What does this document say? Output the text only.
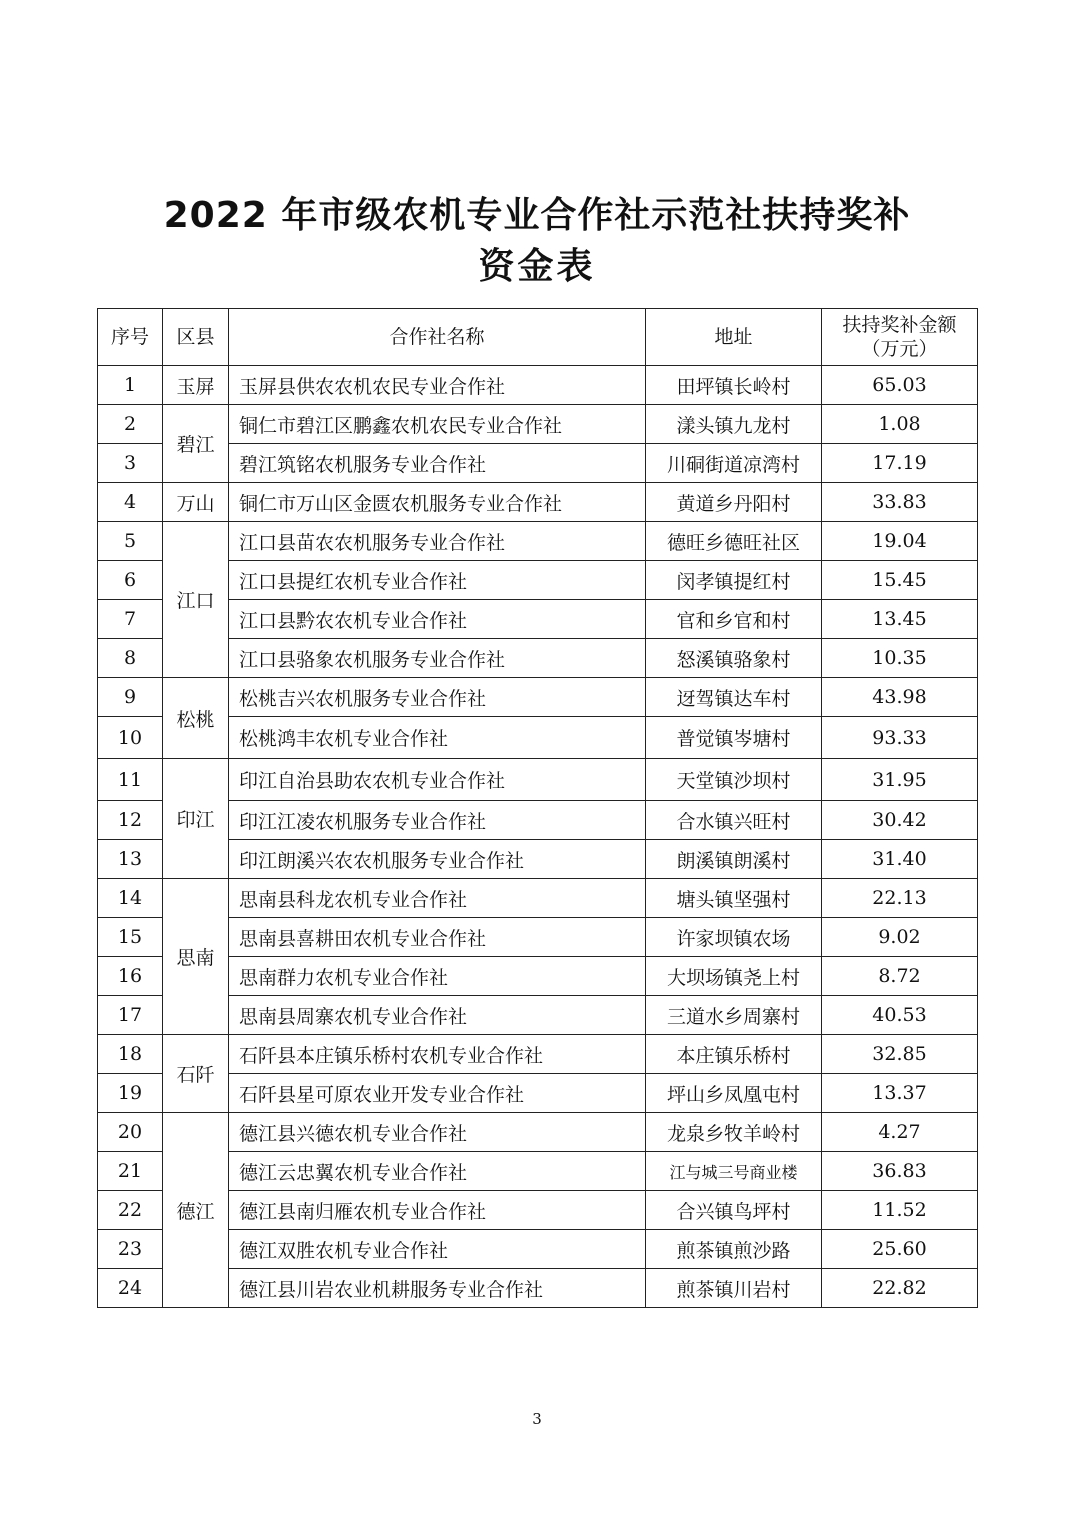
2022 年市级农机专业合作社示范社扶持奖补
资金表
序号	区县	合作社名称	地址	扶持奖补金额
（万元）

1	玉屏	玉屏县供农农机农民专业合作社	田坪镇长岭村	65.03
2	碧江	铜仁市碧江区鹏鑫农机农民专业合作社	漾头镇九龙村	1.08
3		碧江筑铭农机服务专业合作社	川硐街道凉湾村	17.19
4	万山	铜仁市万山区金匮农机服务专业合作社	黄道乡丹阳村	33.83
5	江口	江口县苗农农机服务专业合作社	德旺乡德旺社区	19.04
6		江口县提红农机专业合作社	闵孝镇提红村	15.45
7		江口县黔农农机专业合作社	官和乡官和村	13.45
8		江口县骆象农机服务专业合作社	怒溪镇骆象村	10.35
9	松桃	松桃吉兴农机服务专业合作社	迓驾镇达车村	43.98
10		松桃鸿丰农机专业合作社	普觉镇岑塘村	93.33
11	印江	印江自治县助农农机专业合作社	天堂镇沙坝村	31.95
12		印江江凌农机服务专业合作社	合水镇兴旺村	30.42
13		印江朗溪兴农农机服务专业合作社	朗溪镇朗溪村	31.40
14	思南	思南县科龙农机专业合作社	塘头镇坚强村	22.13
15		思南县喜耕田农机专业合作社	许家坝镇农场	9.02
16		思南群力农机专业合作社	大坝场镇尧上村	8.72
17		思南县周寨农机专业合作社	三道水乡周寨村	40.53
18	石阡	石阡县本庄镇乐桥村农机专业合作社	本庄镇乐桥村	32.85
19		石阡县星可原农业开发专业合作社	坪山乡凤凰屯村	13.37
20	德江	德江县兴德农机专业合作社	龙泉乡牧羊岭村	4.27
21		德江云忠翼农机专业合作社	江与城三号商业楼	36.83
22		德江县南归雁农机专业合作社	合兴镇鸟坪村	11.52
23		德江双胜农机专业合作社	煎茶镇煎沙路	25.60
24		德江县川岩农业机耕服务专业合作社	煎茶镇川岩村	22.82
3
